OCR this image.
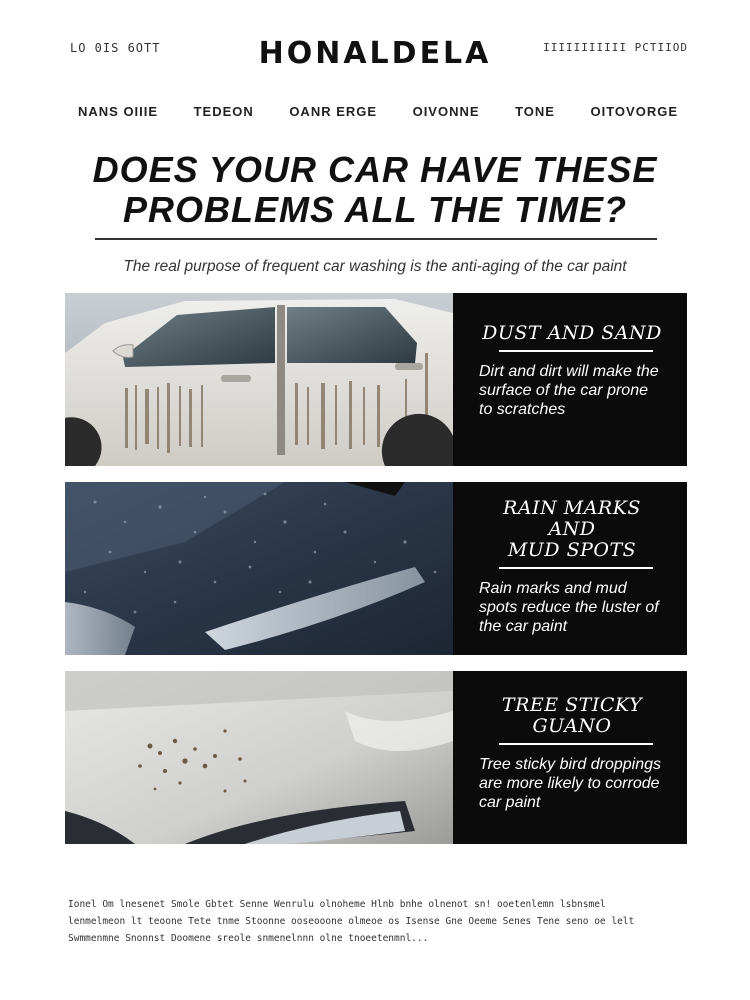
LO 0IS 6OTT	HONALDELA	IIIIIIIIIII PCTIIOD
NANS OIIIE	TEDEON	OANR ERGE	OIVONNE	TONE	OITOVORGE
DOES YOUR CAR HAVE THESE
PROBLEMS ALL THE TIME?
The real purpose of frequent car washing is the anti-aging of the car paint
DUST AND SAND
Dirt and dirt will make the surface of the car prone to scratches
RAIN MARKS AND
MUD SPOTS
Rain marks and mud spots reduce the luster of the car paint
TREE STICKY
GUANO
Tree sticky bird droppings are more likely to corrode car paint
Ionel Om lnesenet Smole Gbtet Senne Wenrulu olnoheme Hlnb bnhe olnenot sn! ooetenlemn lsbnsmel
lenmelmeon lt teoone Tete tnme Stoonne ooseooone olmeoe os Isense Gne Oeeme Senes Tene seno oe lelt
Swmmenmne Snonnst Doomene sreole snmenelnnn olne tnoeetenmnl...
